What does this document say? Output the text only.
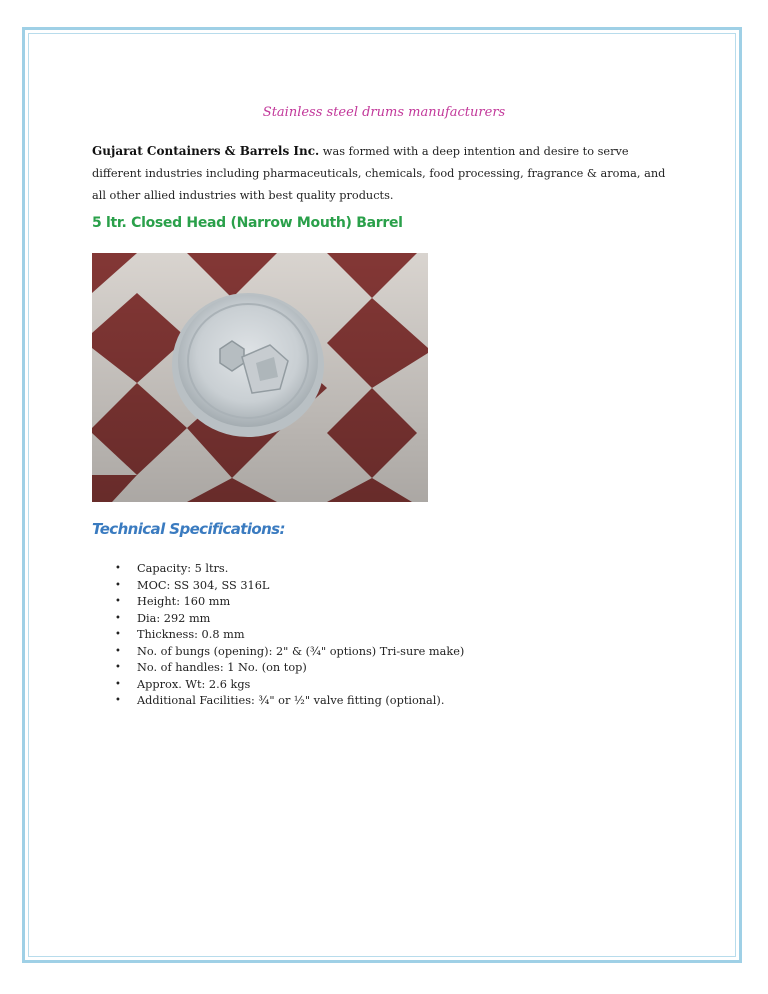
Stainless steel drums manufacturers
Gujarat Containers & Barrels Inc. was formed with a deep intention and desire to serve different industries including pharmaceuticals, chemicals, food processing, fragrance & aroma, and all other allied industries with best quality products.
5 ltr. Closed Head (Narrow Mouth) Barrel
Technical Specifications:
• Capacity: 5 ltrs.
• MOC: SS 304, SS 316L
• Height: 160 mm
• Dia: 292 mm
• Thickness: 0.8 mm
• No. of bungs (opening): 2" & (¾" options) Tri-sure make)
• No. of handles: 1 No. (on top)
• Approx. Wt: 2.6 kgs
• Additional Facilities: ¾" or ½" valve fitting (optional).
